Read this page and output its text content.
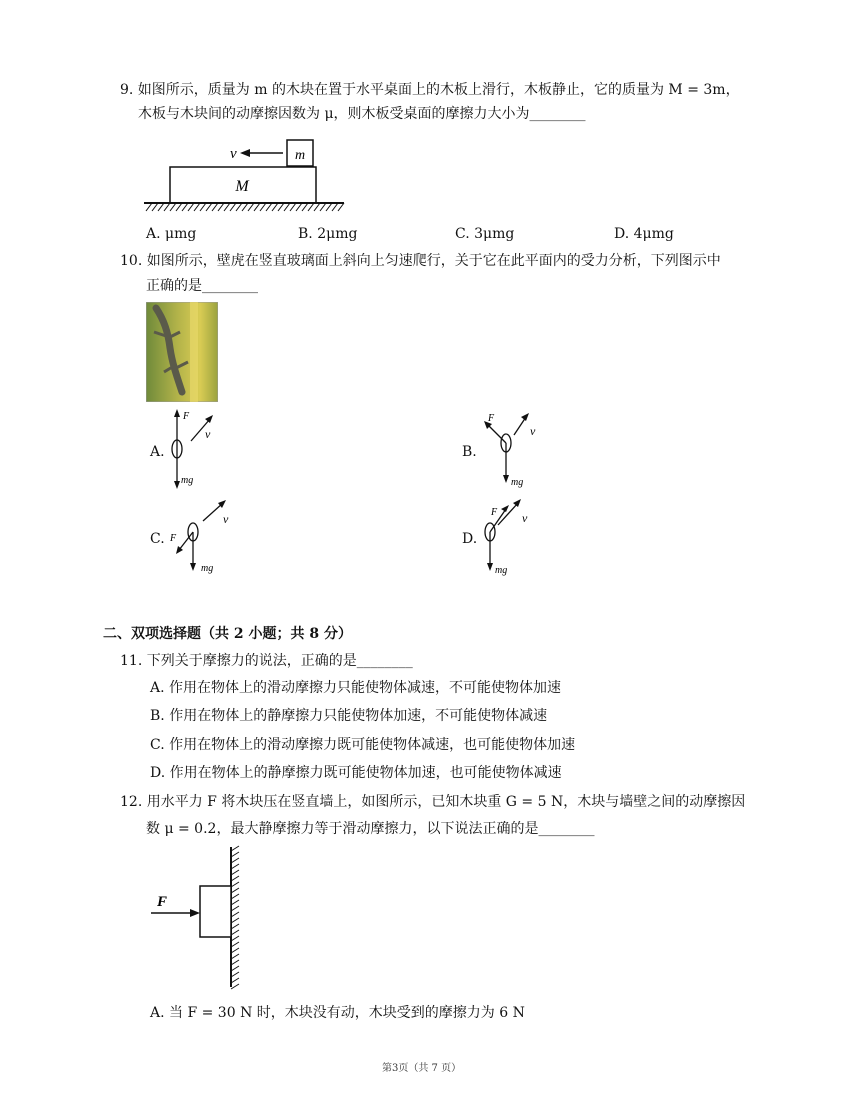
9. 如图所示，质量为 m 的木块在置于水平桌面上的木板上滑行，木板静止，它的质量为 M = 3m，
木板与木块间的动摩擦因数为 μ，则木板受桌面的摩擦力大小为________
m
v
M
A. μmg	B. 2μmg	C. 3μmg	D. 4μmg
10. 如图所示，壁虎在竖直玻璃面上斜向上匀速爬行，关于它在此平面内的受力分析，下列图示中
正确的是________
A.
F
v
mg
B.
F
v
mg
C. F
v
mg
D.
F v
mg
二、双项选择题（共 2 小题；共 8 分）
11. 下列关于摩擦力的说法，正确的是________
A. 作用在物体上的滑动摩擦力只能使物体减速，不可能使物体加速
B. 作用在物体上的静摩擦力只能使物体加速，不可能使物体减速
C. 作用在物体上的滑动摩擦力既可能使物体减速，也可能使物体加速
D. 作用在物体上的静摩擦力既可能使物体加速，也可能使物体减速
12. 用水平力 F 将木块压在竖直墙上，如图所示，已知木块重 G = 5 N，木块与墙壁之间的动摩擦因
数 μ = 0.2，最大静摩擦力等于滑动摩擦力，以下说法正确的是________
F
A. 当 F = 30 N 时，木块没有动，木块受到的摩擦力为 6 N
第3页（共 7 页）
